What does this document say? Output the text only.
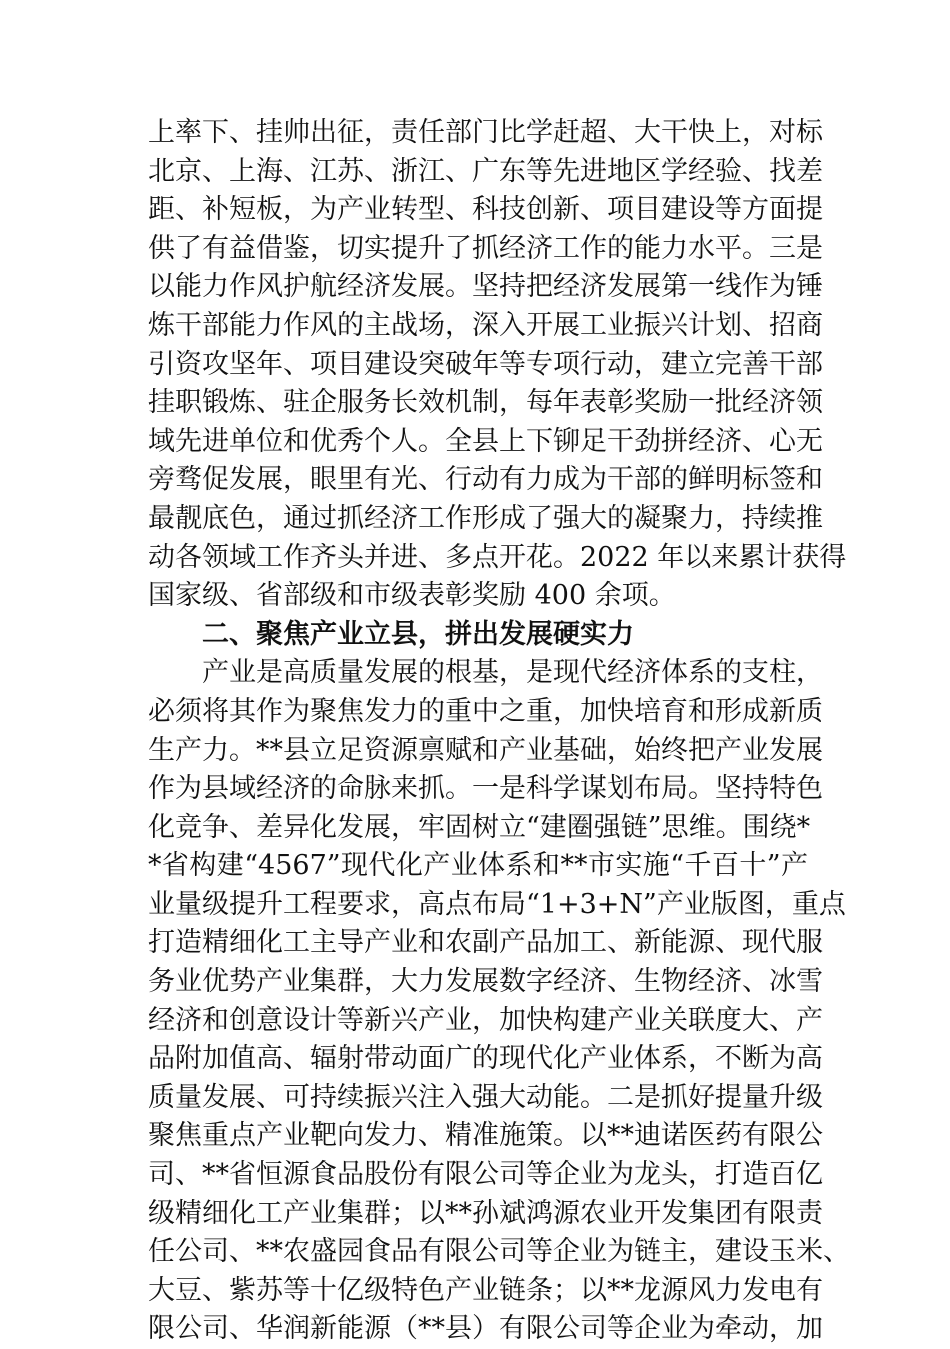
上率下、挂帅出征，责任部门比学赶超、大干快上，对标
北京、上海、江苏、浙江、广东等先进地区学经验、找差
距、补短板，为产业转型、科技创新、项目建设等方面提
供了有益借鉴，切实提升了抓经济工作的能力水平。三是
以能力作风护航经济发展。坚持把经济发展第一线作为锤
炼干部能力作风的主战场，深入开展工业振兴计划、招商
引资攻坚年、项目建设突破年等专项行动，建立完善干部
挂职锻炼、驻企服务长效机制，每年表彰奖励一批经济领
域先进单位和优秀个人。全县上下铆足干劲拼经济、心无
旁骛促发展，眼里有光、行动有力成为干部的鲜明标签和
最靓底色，通过抓经济工作形成了强大的凝聚力，持续推
动各领域工作齐头并进、多点开花。2022 年以来累计获得
国家级、省部级和市级表彰奖励 400 余项。
二、聚焦产业立县，拼出发展硬实力
产业是高质量发展的根基，是现代经济体系的支柱，
必须将其作为聚焦发力的重中之重，加快培育和形成新质
生产力。**县立足资源禀赋和产业基础，始终把产业发展
作为县域经济的命脉来抓。一是科学谋划布局。坚持特色
化竞争、差异化发展，牢固树立“建圈强链”思维。围绕*
*省构建“4567”现代化产业体系和**市实施“千百十”产
业量级提升工程要求，高点布局“1+3+N”产业版图，重点
打造精细化工主导产业和农副产品加工、新能源、现代服
务业优势产业集群，大力发展数字经济、生物经济、冰雪
经济和创意设计等新兴产业，加快构建产业关联度大、产
品附加值高、辐射带动面广的现代化产业体系，不断为高
质量发展、可持续振兴注入强大动能。二是抓好提量升级
聚焦重点产业靶向发力、精准施策。以**迪诺医药有限公
司、**省恒源食品股份有限公司等企业为龙头，打造百亿
级精细化工产业集群；以**孙斌鸿源农业开发集团有限责
任公司、**农盛园食品有限公司等企业为链主，建设玉米、
大豆、紫苏等十亿级特色产业链条；以**龙源风力发电有
限公司、华润新能源（**县）有限公司等企业为牵动，加
